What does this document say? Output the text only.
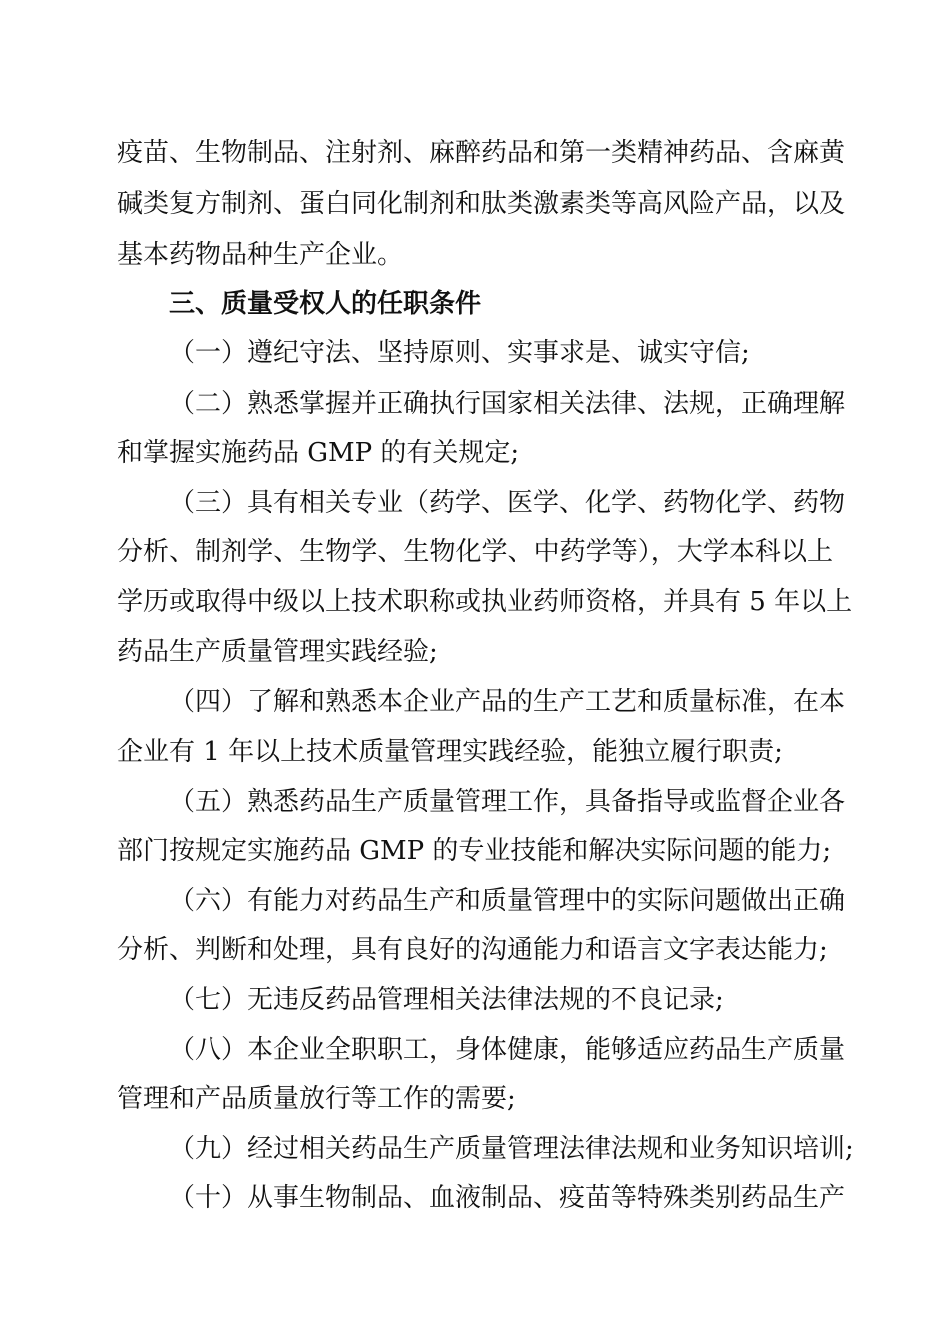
疫苗、生物制品、注射剂、麻醉药品和第一类精神药品、含麻黄
碱类复方制剂、蛋白同化制剂和肽类激素类等高风险产品，以及
基本药物品种生产企业。
三、质量受权人的任职条件
（一）遵纪守法、坚持原则、实事求是、诚实守信;
（二）熟悉掌握并正确执行国家相关法律、法规，正确理解
和掌握实施药品 GMP 的有关规定;
（三）具有相关专业（药学、医学、化学、药物化学、药物
分析、制剂学、生物学、生物化学、中药学等），大学本科以上
学历或取得中级以上技术职称或执业药师资格，并具有 5 年以上
药品生产质量管理实践经验;
（四）了解和熟悉本企业产品的生产工艺和质量标准，在本
企业有 1 年以上技术质量管理实践经验，能独立履行职责;
（五）熟悉药品生产质量管理工作，具备指导或监督企业各
部门按规定实施药品 GMP 的专业技能和解决实际问题的能力;
（六）有能力对药品生产和质量管理中的实际问题做出正确
分析、判断和处理，具有良好的沟通能力和语言文字表达能力;
（七）无违反药品管理相关法律法规的不良记录;
（八）本企业全职职工，身体健康，能够适应药品生产质量
管理和产品质量放行等工作的需要;
（九）经过相关药品生产质量管理法律法规和业务知识培训;
（十）从事生物制品、血液制品、疫苗等特殊类别药品生产
